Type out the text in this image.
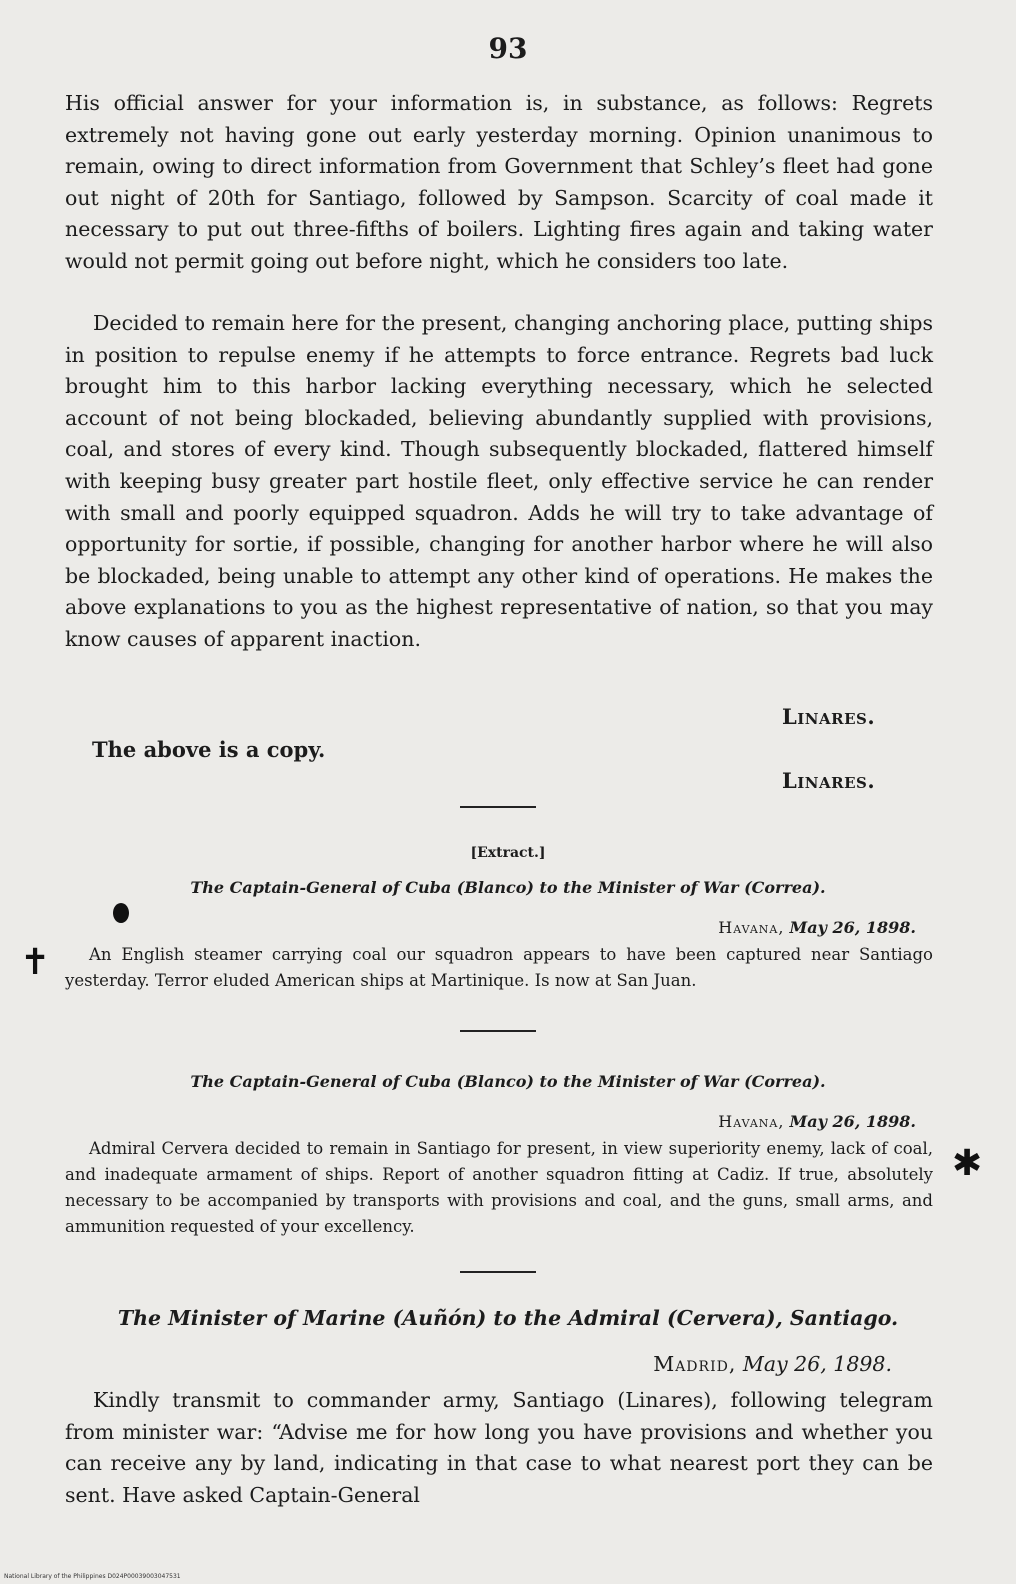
93

His official answer for your information is, in substance, as follows: Regrets extremely not having gone out early yesterday morning. Opinion unanimous to remain, owing to direct information from Government that Schley’s fleet had gone out night of 20th for Santiago, followed by Sampson. Scarcity of coal made it necessary to put out three-fifths of boilers. Lighting fires again and taking water would not permit going out before night, which he considers too late.

Decided to remain here for the present, changing anchoring place, putting ships in position to repulse enemy if he attempts to force entrance. Regrets bad luck brought him to this harbor lacking everything necessary, which he selected account of not being blockaded, believing abundantly supplied with provisions, coal, and stores of every kind. Though subsequently blockaded, flattered himself with keeping busy greater part hostile fleet, only effective service he can render with small and poorly equipped squadron. Adds he will try to take advantage of opportunity for sortie, if possible, changing for another harbor where he will also be blockaded, being unable to attempt any other kind of operations. He makes the above explanations to you as the highest representative of nation, so that you may know causes of apparent inaction.

Linares.

The above is a copy.

Linares.
[Extract.]

The Captain-General of Cuba (Blanco) to the Minister of War (Correa).

Havana, May 26, 1898.

An English steamer carrying coal our squadron appears to have been captured near Santiago yesterday. Terror eluded American ships at Martinique. Is now at San Juan.

✝

The Captain-General of Cuba (Blanco) to the Minister of War (Correa).

Havana, May 26, 1898.

Admiral Cervera decided to remain in Santiago for present, in view superiority enemy, lack of coal, and inadequate armament of ships. Report of another squadron fitting at Cadiz. If true, absolutely necessary to be accompanied by transports with provisions and coal, and the guns, small arms, and ammunition requested of your excellency.

✱

The Minister of Marine (Auñón) to the Admiral (Cervera), Santiago.

Madrid, May 26, 1898.

Kindly transmit to commander army, Santiago (Linares), following telegram from minister war: “Advise me for how long you have provisions and whether you can receive any by land, indicating in that case to what nearest port they can be sent. Have asked Captain-General

National Library of the Philippines D024P00039003047531
